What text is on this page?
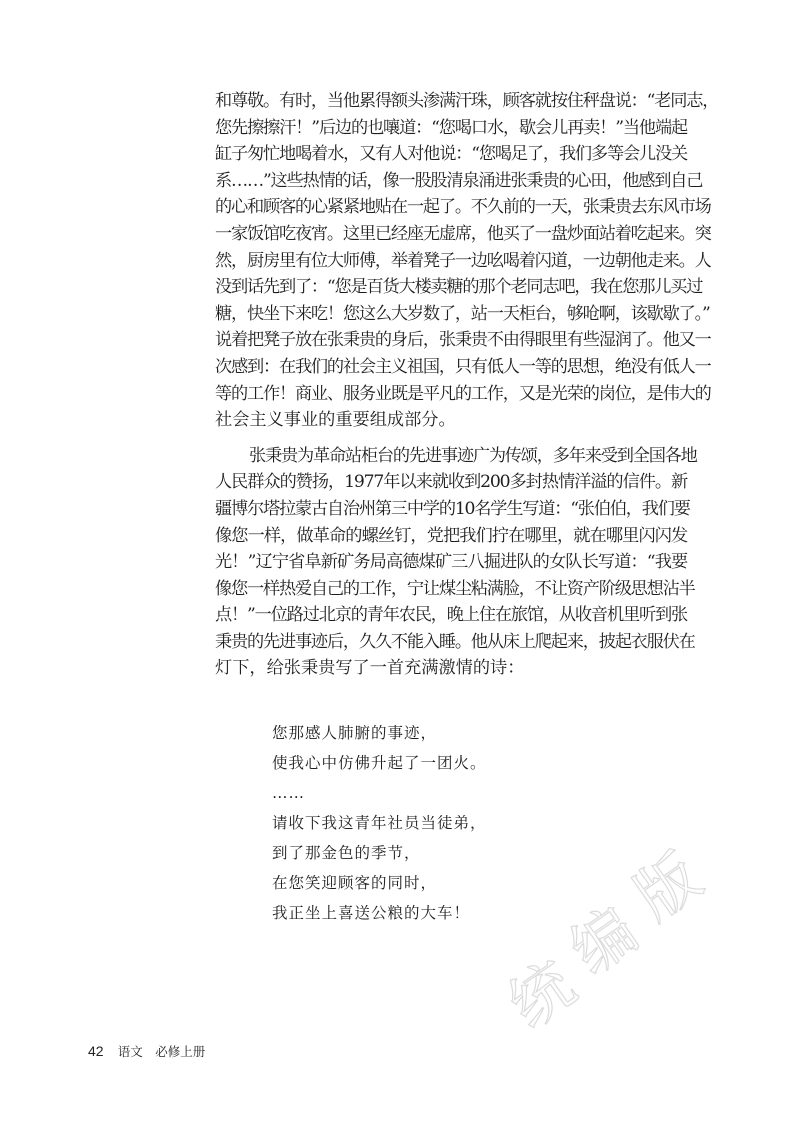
和尊敬。有时，当他累得额头渗满汗珠，顾客就按住秤盘说：“老同志，

您先擦擦汗！”后边的也嚷道：“您喝口水，歇会儿再卖！”当他端起

缸子匆忙地喝着水，又有人对他说：“您喝足了，我们多等会儿没关

系……”这些热情的话，像一股股清泉涌进张秉贵的心田，他感到自己

的心和顾客的心紧紧地贴在一起了。不久前的一天，张秉贵去东风市场

一家饭馆吃夜宵。这里已经座无虚席，他买了一盘炒面站着吃起来。突

然，厨房里有位大师傅，举着凳子一边吆喝着闪道，一边朝他走来。人

没到话先到了：“您是百货大楼卖糖的那个老同志吧，我在您那儿买过

糖，快坐下来吃！您这么大岁数了，站一天柜台，够呛啊，该歇歇了。”

说着把凳子放在张秉贵的身后，张秉贵不由得眼里有些湿润了。他又一

次感到：在我们的社会主义祖国，只有低人一等的思想，绝没有低人一

等的工作！商业、服务业既是平凡的工作，又是光荣的岗位，是伟大的

社会主义事业的重要组成部分。

张秉贵为革命站柜台的先进事迹广为传颂，多年来受到全国各地

人民群众的赞扬，1977年以来就收到200多封热情洋溢的信件。新

疆博尔塔拉蒙古自治州第三中学的10名学生写道：“张伯伯，我们要

像您一样，做革命的螺丝钉，党把我们拧在哪里，就在哪里闪闪发

光！”辽宁省阜新矿务局高德煤矿三八掘进队的女队长写道：“我要

像您一样热爱自己的工作，宁让煤尘粘满脸，不让资产阶级思想沾半

点！”一位路过北京的青年农民，晚上住在旅馆，从收音机里听到张

秉贵的先进事迹后，久久不能入睡。他从床上爬起来，披起衣服伏在

灯下，给张秉贵写了一首充满激情的诗：

您那感人肺腑的事迹，
使我心中仿佛升起了一团火。
……
请收下我这青年社员当徒弟，
到了那金色的季节，
在您笑迎顾客的同时，
我正坐上喜送公粮的大车！
统
编
版
42 语文　必修上册
